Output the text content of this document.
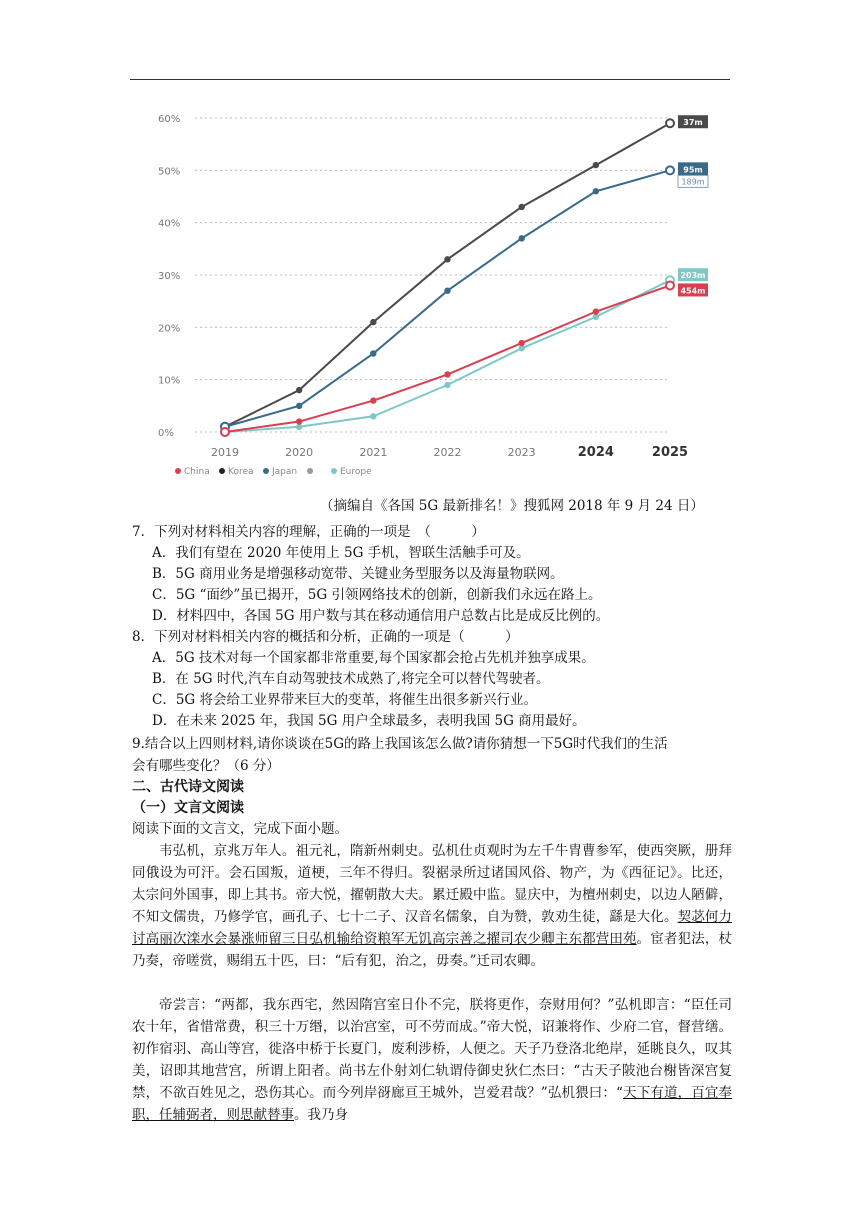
60%
50%
40%
30%
20%
10%
0%
2019	2020	2021	2022	2023	2024	2025
37m
95m
203m
454m
189m
China Korea Japan	Europe
（摘编自《各国 5G 最新排名！》搜狐网 2018 年 9 月 24 日）
7．下列对材料相关内容的理解，正确的一项是　（　　　）
A．我们有望在 2020 年使用上 5G 手机，智联生活触手可及。
B．5G 商用业务是增强移动宽带、关键业务型服务以及海量物联网。
C．5G “面纱”虽已揭开，5G 引领网络技术的创新，创新我们永远在路上。
D．材料四中，各国 5G 用户数与其在移动通信用户总数占比是成反比例的。
8．下列对材料相关内容的概括和分析，正确的一项是（　　　）
A．5G 技术对每一个国家都非常重要,每个国家都会抢占先机并独享成果。
B．在 5G 时代,汽车自动驾驶技术成熟了,将完全可以替代驾驶者。
C．5G 将会给工业界带来巨大的变革，将催生出很多新兴行业。
D．在未来 2025 年，我国 5G 用户全球最多，表明我国 5G 商用最好。
9.结合以上四则材料,请你谈谈在5G的路上我国该怎么做?请你猜想一下5G时代我们的生活
会有哪些变化？（6 分）
二、古代诗文阅读
（一）文言文阅读
阅读下面的文言文，完成下面小题。
韦弘机，京兆万年人。祖元礼，隋新州刺史。弘机仕贞观时为左千牛胄曹参军，使西突厥，册拜同俄设为可汗。会石国叛，道梗，三年不得归。裂裾录所过诸国风俗、物产，为《西征记》。比还，太宗问外国事，即上其书。帝大悦，擢朝散大夫。累迁殿中监。显庆中，为檀州刺史，以边人陋僻，不知文儒贵，乃修学官，画孔子、七十二子、汉音名儒象，自为赞，敦劝生徒，繇是大化。契苾何力讨高丽次滦水会暴涨师留三日弘机输给资粮军无饥高宗善之擢司农少卿主东都营田苑。宦者犯法，杖乃奏，帝嗟赏，赐绢五十匹，曰：“后有犯，治之，毋奏。”迁司农卿。
帝尝言：“两都，我东西宅，然因隋宫室日仆不完，朕将更作，奈财用何？”弘机即言：“臣任司农十年，省惜常费，积三十万缗，以治宫室，可不劳而成。”帝大悦，诏兼将作、少府二官，督营缮。初作宿羽、高山等宫，徙洛中桥于长夏门，废利涉桥，人便之。天子乃登洛北绝岸，延眺良久，叹其美，诏即其地营宫，所谓上阳者。尚书左仆射刘仁轨谓侍御史狄仁杰曰：“古天子陂池台榭皆深宫复禁，不欲百姓见之，恐伤其心。而今列岸谺廊亘王城外，岂爱君哉？”弘机猥曰：“天下有道，百宜奉职，任辅弼者，则思献替事。我乃身
